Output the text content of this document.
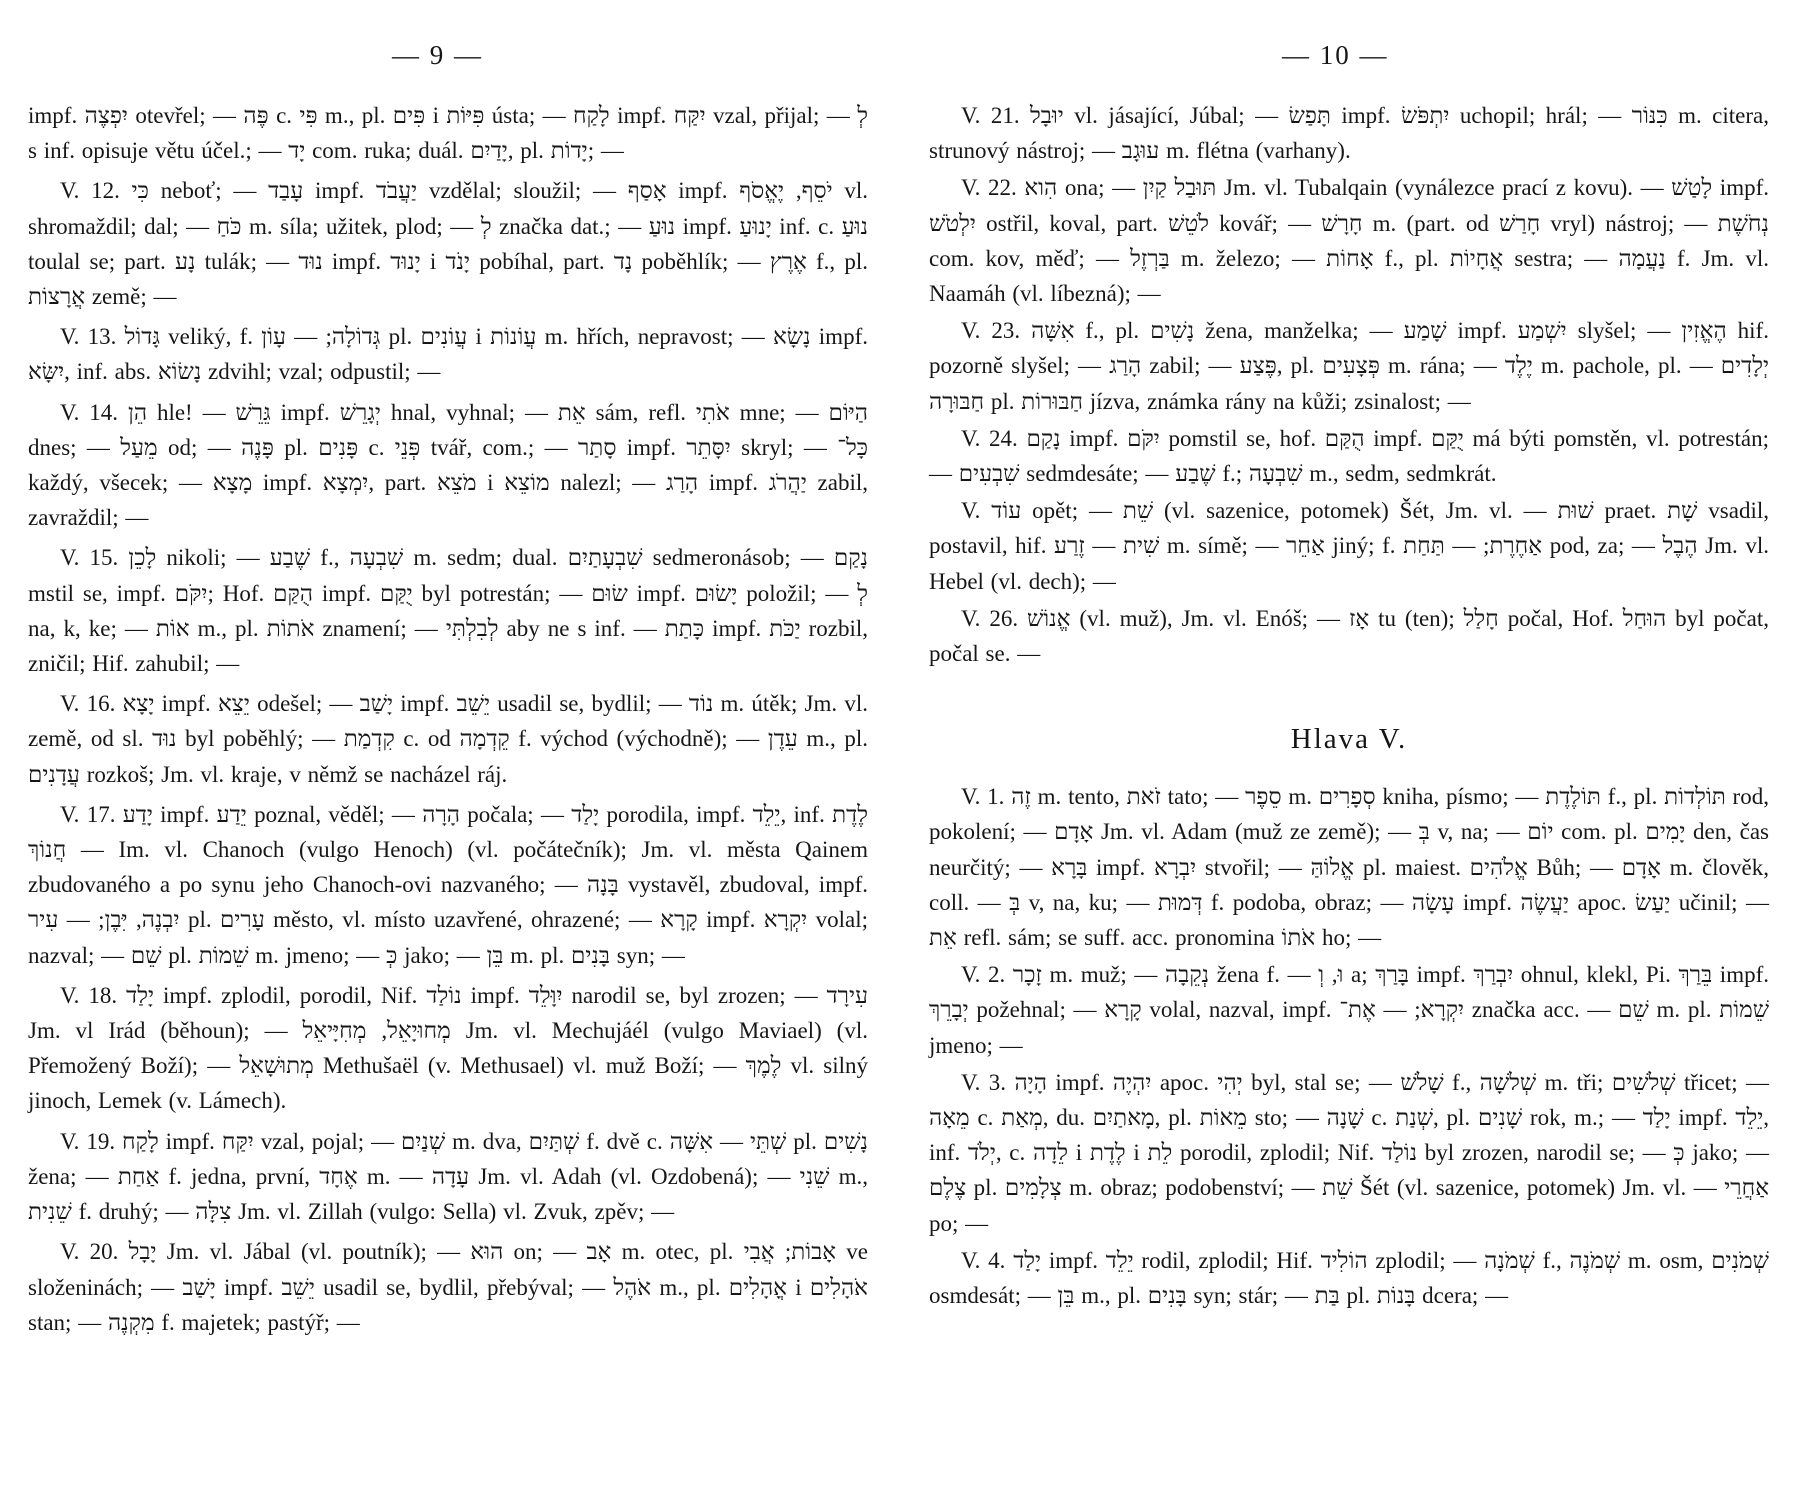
— 9 —

impf. יִפְצֶה otevřel; — פֶּה c. פִּי m., pl. פִּים i פִּיּוֹת ústa; — לָקַח impf. יִקַּח vzal, přijal; — לְ s inf. opisuje větu účel.; — יָד com. ruka; duál. יָדַיִם, pl. יָדוֹת; —

V. 12. כִּי neboť; — עָבַד impf. יַעֲבֹד vzdělal; sloužil; — אָסַף impf. יֹסֵף, יֶאֱסֹף vl. shromaždil; dal; — כֹּחַ m. síla; užitek, plod; — לְ značka dat.; — נוּעַ impf. יָנוּעַ inf. c. נוּעַ toulal se; part. נָע tulák; — נוּד impf. יָנוּד i יָנֹד pobíhal, part. נָד poběhlík; — אֶרֶץ f., pl. אֲרָצוֹת země; —

V. 13. גָּדוֹל veliký, f. גְּדוֹלָה; — עָוֹן pl. עֲוֹנִים i עֲוֹנוֹת m. hřích, nepravost; — נָשָׂא impf. יִשָּׂא, inf. abs. נָשׂוֹא zdvihl; vzal; odpustil; —

V. 14. הֵן hle! — גֵּרֵשׁ impf. יְגָרֵשׁ hnal, vyhnal; — אֵת sám, refl. אֹתִי mne; — הַיּוֹם dnes; — מֵעַל od; — פָּנֶה pl. פָּנִים c. פְּנֵי tvář, com.; — סָתַר impf. יִסָּתֵר skryl; — כָּל־ každý, všecek; — מָצָא impf. יִמְצָא, part. מֹצֵא i מוֹצֵא nalezl; — הָרַג impf. יַהֲרֹג zabil, zavraždil; —

V. 15. לָכֵן nikoli; — שֶׁבַע f., שִׁבְעָה m. sedm; dual. שִׁבְעָתַיִם sedmeronásob; — נָקַם mstil se, impf. יִקֹּם; Hof. הֻקַּם impf. יֻקַּם byl potrestán; — שׂוּם impf. יָשׂוּם položil; — לְ na, k, ke; — אוֹת m., pl. אֹתוֹת znamení; — לְבִלְתִּי aby ne s inf. — כָּתַת impf. יַכֹּת rozbil, zničil; Hif. zahubil; —

V. 16. יָצָא impf. יֵצֵא odešel; — יָשַׁב impf. יֵשֵׁב usadil se, bydlil; — נוֹד m. útěk; Jm. vl. země, od sl. נוּד byl poběhlý; — קִדְמַת c. od קֵדְמָה f. východ (východně); — עֵדֶן m., pl. עֲדָנִים rozkoš; Jm. vl. kraje, v němž se nacházel ráj.

V. 17. יָדַע impf. יֵדַע poznal, věděl; — הָרָה počala; — יָלַד porodila, impf. יֵלֵד, inf. לֶדֶת — חֲנוֹךְ Im. vl. Chanoch (vulgo Henoch) (vl. počátečník); Jm. vl. města Qainem zbudovaného a po synu jeho Chanoch-ovi nazvaného; — בָּנָה vystavěl, zbudoval, impf. יִבְנֶה, יִּבֶן; — עִיר pl. עָרִים město, vl. místo uzavřené, ohrazené; — קָרָא impf. יִקְרָא volal; nazval; — שֵׁם pl. שֵׁמוֹת m. jmeno; — כְּ jako; — בֵּן m. pl. בָּנִים syn; —

V. 18. יָלַד impf. zplodil, porodil, Nif. נוֹלַד impf. יִוָּלֵד narodil se, byl zrozen; — עִירָד Jm. vl Irád (běhoun); — מְחוּיָאֵל, מְחִיָּיאֵל Jm. vl. Mechujáél (vulgo Maviael) (vl. Přemožený Boží); — מְתוּשָׁאֵל Methušaël (v. Methusael) vl. muž Boží; — לֶמֶךְ vl. silný jinoch, Lemek (v. Lámech).

V. 19. לָקַח impf. יִקַּח vzal, pojal; — שְׁנַיִם m. dva, שְׁתַּיִם f. dvě c. שְׁתֵּי — אִשָּׁה pl. נָשִׁים žena; — אַחַת f. jedna, první, אֶחָד m. — עָדָה Jm. vl. Adah (vl. Ozdobená); — שֵׁנִי m., שֵׁנִית f. druhý; — צִלָּה Jm. vl. Zillah (vulgo: Sella) vl. Zvuk, zpěv; —

V. 20. יָבָל Jm. vl. Jábal (vl. poutník); — הוּא on; — אָב m. otec, pl. אָבוֹת; אֲבִי ve složeninách; — יָשַׁב impf. יֵשֵׁב usadil se, bydlil, přebýval; — אֹהֶל m., pl. אֳהָלִים i אֹהָלִים stan; — מִקְנֶה f. majetek; pastýř; —

— 10 —

V. 21. יוּבָל vl. jásající, Júbal; — תָּפַשׂ impf. יִתְפֹּשׂ uchopil; hrál; — כִּנּוֹר m. citera, strunový nástroj; — עוּגָב m. flétna (varhany).

V. 22. הִוא ona; — תּוּבַל קַיִן Jm. vl. Tubalqain (vynálezce prací z kovu). — לָטַשׁ impf. יִלְטֹשׁ ostřil, koval, part. לֹטֵשׁ kovář; — חָרָשׁ m. (part. od חָרַשׁ vryl) nástroj; — נְחֹשֶׁת com. kov, měď; — בַּרְזֶל m. železo; — אָחוֹת f., pl. אֲחָיוֹת sestra; — נַעֲמָה f. Jm. vl. Naamáh (vl. líbezná); —

V. 23. אִשָּׁה f., pl. נָשִׁים žena, manželka; — שָׁמַע impf. יִשְׁמַע slyšel; — הֶאֱזִין hif. pozorně slyšel; — הָרַג zabil; — פֶּצַע, pl. פְּצָעִים m. rána; — יֶלֶד m. pachole, pl. יְלָדִים — חַבּוּרָה pl. חַבּוּרוֹת jízva, známka rány na kůži; zsinalost; —

V. 24. נָקַם impf. יִקֹּם pomstil se, hof. הֻקַּם impf. יֻקַּם má býti pomstěn, vl. potrestán; — שִׁבְעִים sedmdesáte; — שֶׁבַע f.; שִׁבְעָה m., sedm, sedmkrát.

V. עוֹד opět; — שֵׁת (vl. sazenice, potomek) Šét, Jm. vl. — שׁוּת praet. שָׁת vsadil, postavil, hif. שִׁית — זֶרַע m. símě; — אַחֵר jiný; f. אַחֶרֶת; — תַּחַת pod, za; — הֶבֶל Jm. vl. Hebel (vl. dech); —

V. 26. אֱנוֹשׁ (vl. muž), Jm. vl. Enóš; — אָז tu (ten); חָלַל počal, Hof. הוּחַל byl počat, počal se. —

Hlava V.

V. 1. זֶה m. tento, זֹאת tato; — סֵפֶר m. סְפָרִים kniha, písmo; — תּוֹלֶדֶת f., pl. תּוֹלְדוֹת rod, pokolení; — אָדָם Jm. vl. Adam (muž ze země); — בְּ v, na; — יוֹם com. pl. יָמִים den, čas neurčitý; — בָּרָא impf. יִבְרָא stvořil; — אֱלוֹהַּ pl. maiest. אֱלֹהִים Bůh; — אָדָם m. člověk, coll. — בְּ v, na, ku; — דְּמוּת f. podoba, obraz; — עָשָׂה impf. יַעֲשֶׂה apoc. יַעַשׂ učinil; — אֵת refl. sám; se suff. acc. pronomina אֹתוֹ ho; —

V. 2. זָכָר m. muž; — נְקֵבָה žena f. — וּ, וְ a; בָּרַךְ impf. יִבְרַךְ ohnul, klekl, Pi. בֵּרַךְ impf. יְבָרֵךְ požehnal; — קָרָא volal, nazval, impf. יִקְרָא; — אֶת־ značka acc. — שֵׁם m. pl. שֵׁמוֹת jmeno; —

V. 3. הָיָה impf. יִהְיֶה apoc. יְהִי byl, stal se; — שָׁלֹשׁ f., שְׁלֹשָׁה m. tři; שְׁלֹשִׁים třicet; — מֵאָה c. מְאַת, du. מָאתַיִם, pl. מֵאוֹת sto; — שָׁנָה c. שְׁנַת, pl. שָׁנִים rok, m.; — יָלַד impf. יֵלֵד, inf. יְלֹד, c. לֵדָה i לֶדֶת i לֵת porodil, zplodil; Nif. נוֹלַד byl zrozen, narodil se; — כְּ jako; — צֶלֶם pl. צְלָמִים m. obraz; podobenství; — שֵׁת Šét (vl. sazenice, potomek) Jm. vl. — אַחֲרֵי po; —

V. 4. יָלַד impf. יֵלֵד rodil, zplodil; Hif. הוֹלִיד zplodil; — שְׁמֹנָה f., שְׁמֹנֶה m. osm, שְׁמֹנִים osmdesát; — בֵּן m., pl. בָּנִים syn; stár; — בַּת pl. בָּנוֹת dcera; —
